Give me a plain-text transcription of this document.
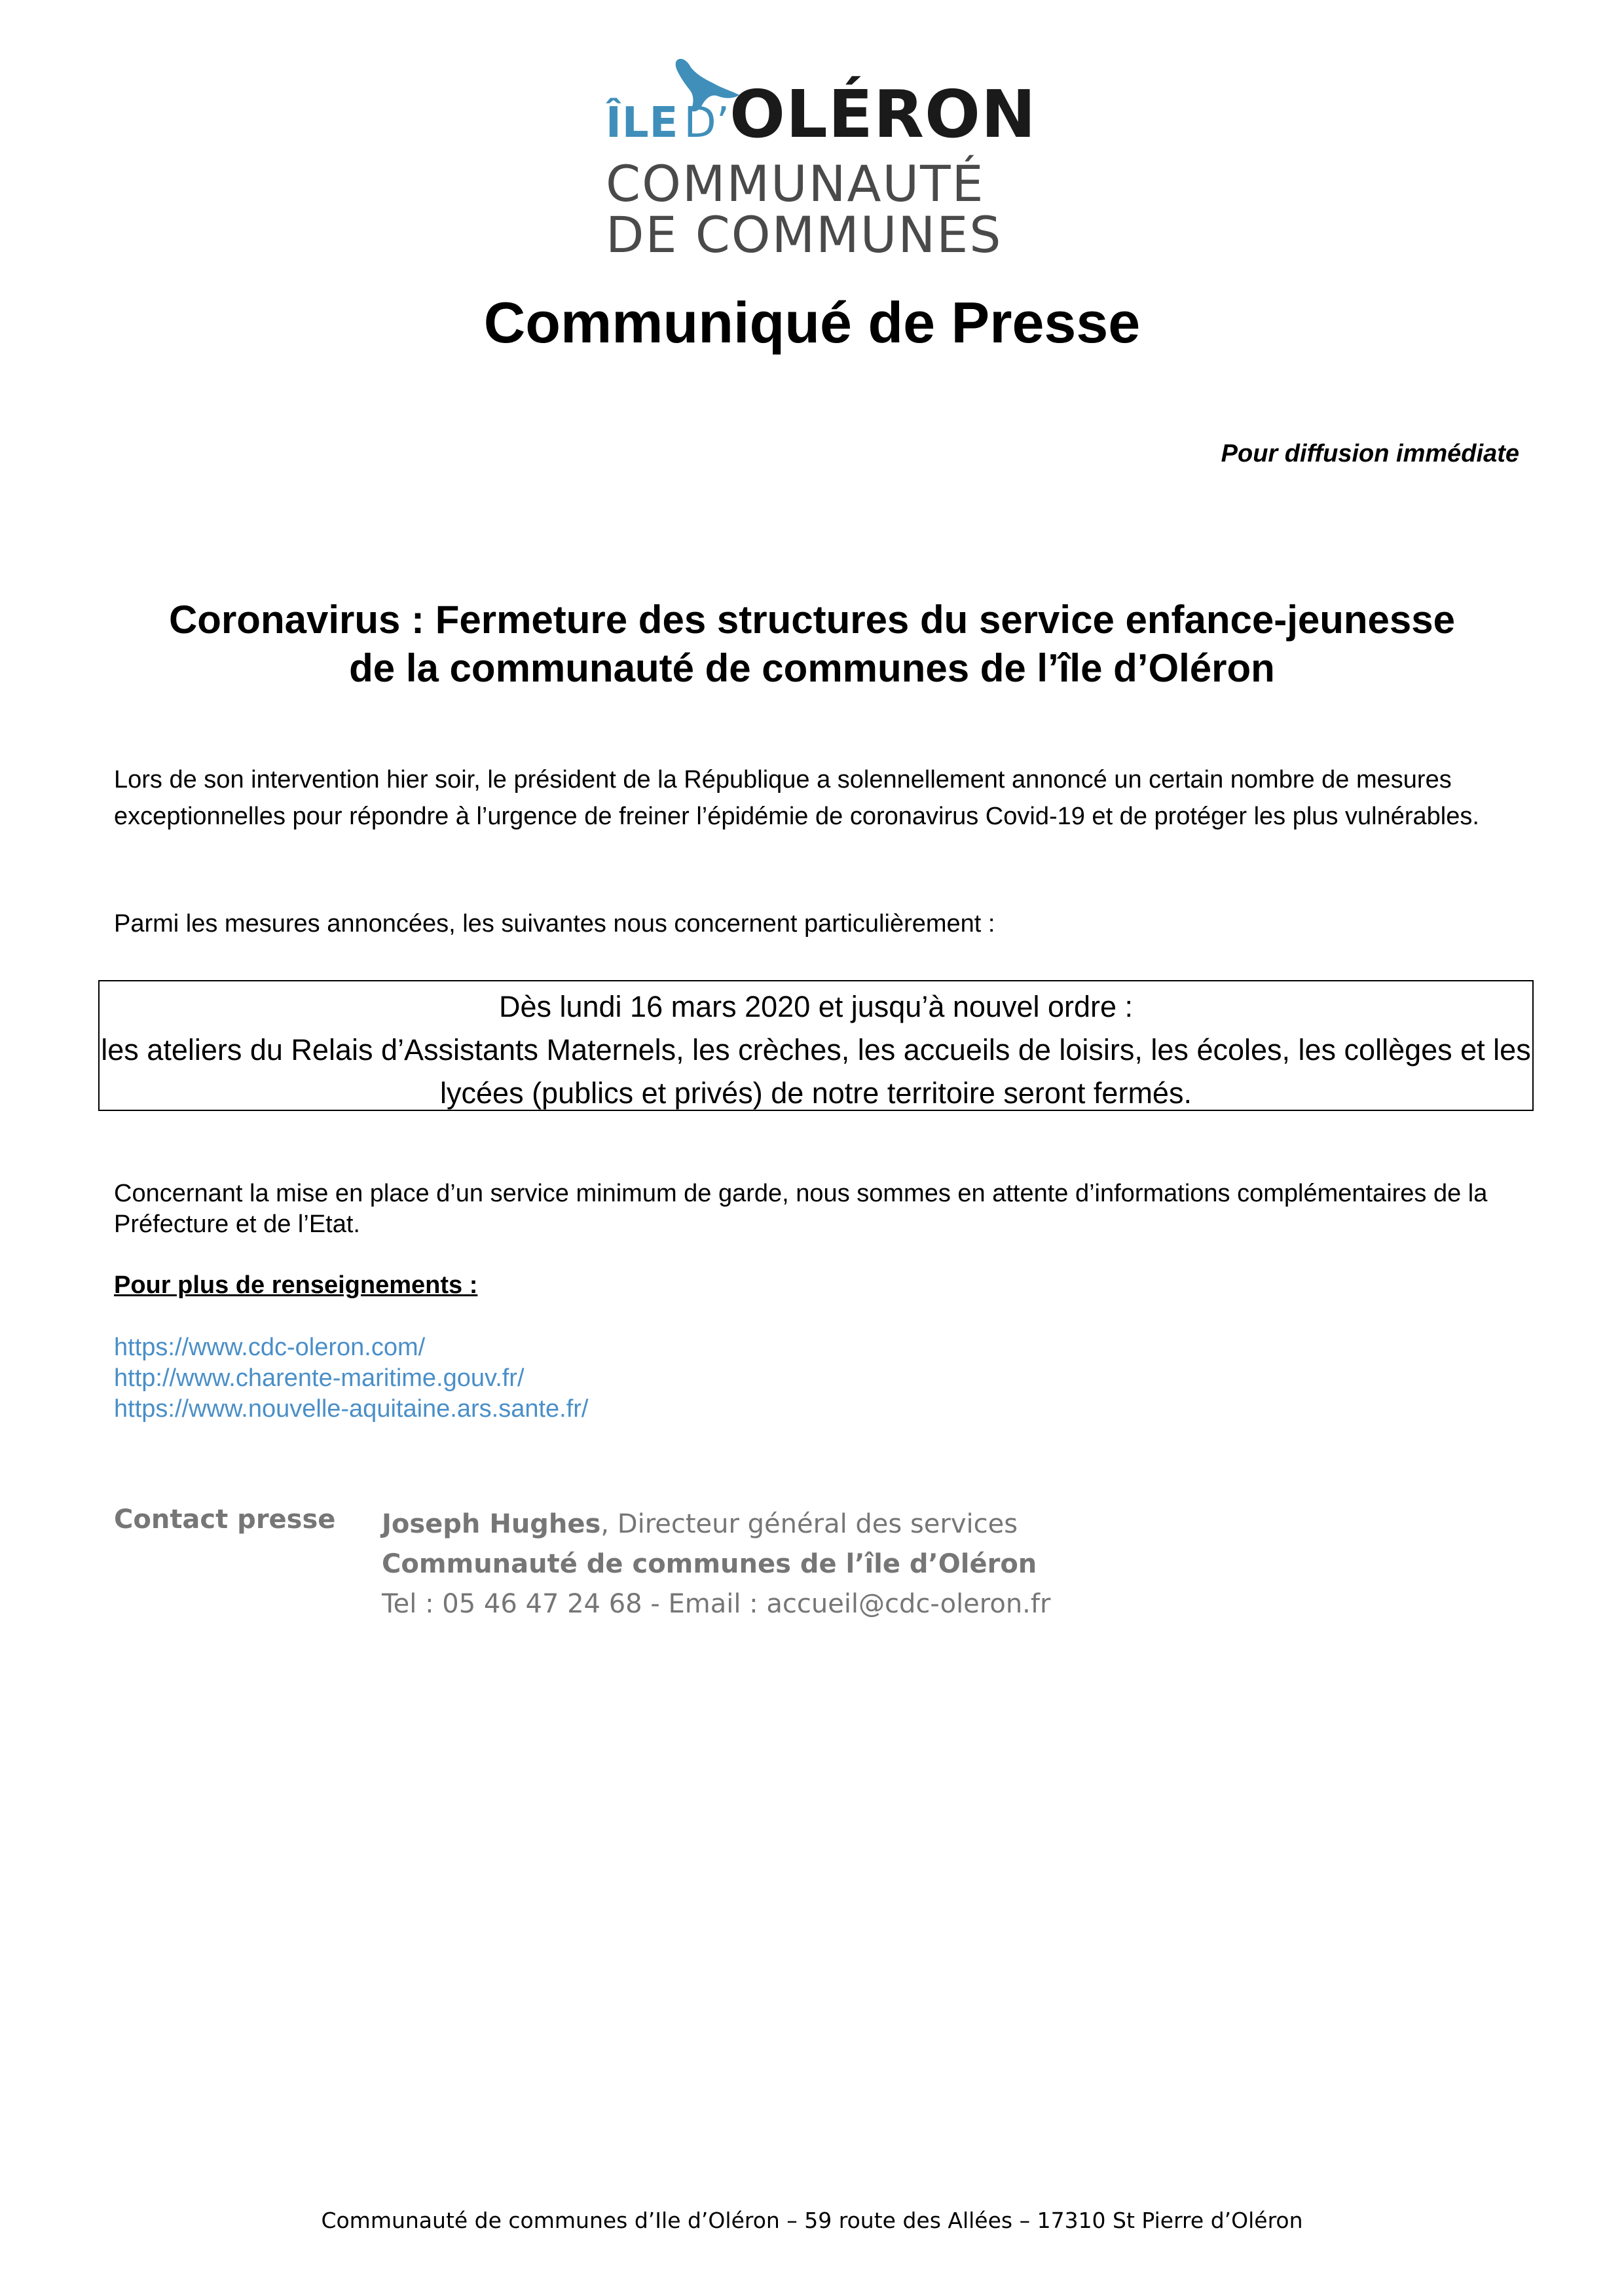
ÎLE D’OLÉRON
COMMUNAUTÉ
DE COMMUNES
Communiqué de Presse
Pour diffusion immédiate
Coronavirus : Fermeture des structures du service enfance-jeunesse de la communauté de communes de l’île d’Oléron
Lors de son intervention hier soir, le président de la République a solennellement annoncé un certain nombre de mesures exceptionnelles pour répondre à l’urgence de freiner l’épidémie de coronavirus Covid-19 et de protéger les plus vulnérables.
Parmi les mesures annoncées, les suivantes nous concernent particulièrement :
Dès lundi 16 mars 2020 et jusqu’à nouvel ordre :
les ateliers du Relais d’Assistants Maternels, les crèches, les accueils de loisirs, les écoles, les collèges et les lycées (publics et privés) de notre territoire seront fermés.
Concernant la mise en place d’un service minimum de garde, nous sommes en attente d’informations complémentaires de la Préfecture et de l’Etat.
Pour plus de renseignements :
https://www.cdc-oleron.com/
http://www.charente-maritime.gouv.fr/
https://www.nouvelle-aquitaine.ars.sante.fr/
Contact presse Joseph Hughes, Directeur général des services
Communauté de communes de l’île d’Oléron
Tel : 05 46 47 24 68 - Email : accueil@cdc-oleron.fr
Communauté de communes d’Ile d’Oléron – 59 route des Allées – 17310 St Pierre d’Oléron
